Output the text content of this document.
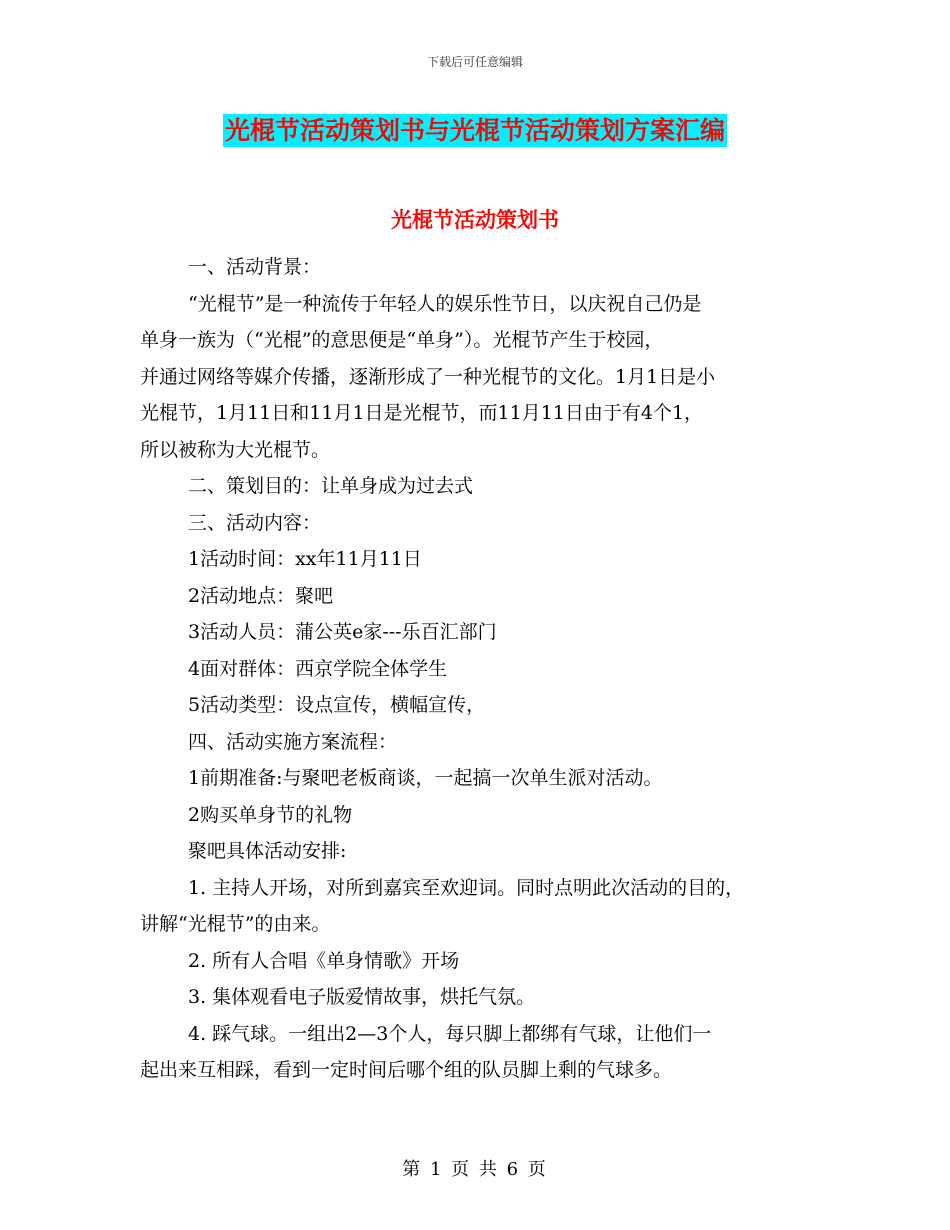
下载后可任意编辑
光棍节活动策划书与光棍节活动策划方案汇编
光棍节活动策划书

一、活动背景：

“光棍节”是一种流传于年轻人的娱乐性节日，以庆祝自己仍是

单身一族为（“光棍”的意思便是“单身”）。光棍节产生于校园，

并通过网络等媒介传播，逐渐形成了一种光棍节的文化。1月1日是小

光棍节，1月11日和11月1日是光棍节，而11月11日由于有4个1，

所以被称为大光棍节。

二、策划目的：让单身成为过去式

三、活动内容：

1活动时间：xx年11月11日

2活动地点：聚吧

3活动人员：蒲公英e家---乐百汇部门

4面对群体：西京学院全体学生

5活动类型：设点宣传，横幅宣传，

四、活动实施方案流程：

1前期准备:与聚吧老板商谈，一起搞一次单生派对活动。

2购买单身节的礼物

聚吧具体活动安排:

1. 主持人开场，对所到嘉宾至欢迎词。同时点明此次活动的目的，

讲解“光棍节”的由来。

2. 所有人合唱《单身情歌》开场

3. 集体观看电子版爱情故事，烘托气氛。

4. 踩气球。一组出2—3个人，每只脚上都绑有气球，让他们一

起出来互相踩，看到一定时间后哪个组的队员脚上剩的气球多。

第 1 页 共 6 页
